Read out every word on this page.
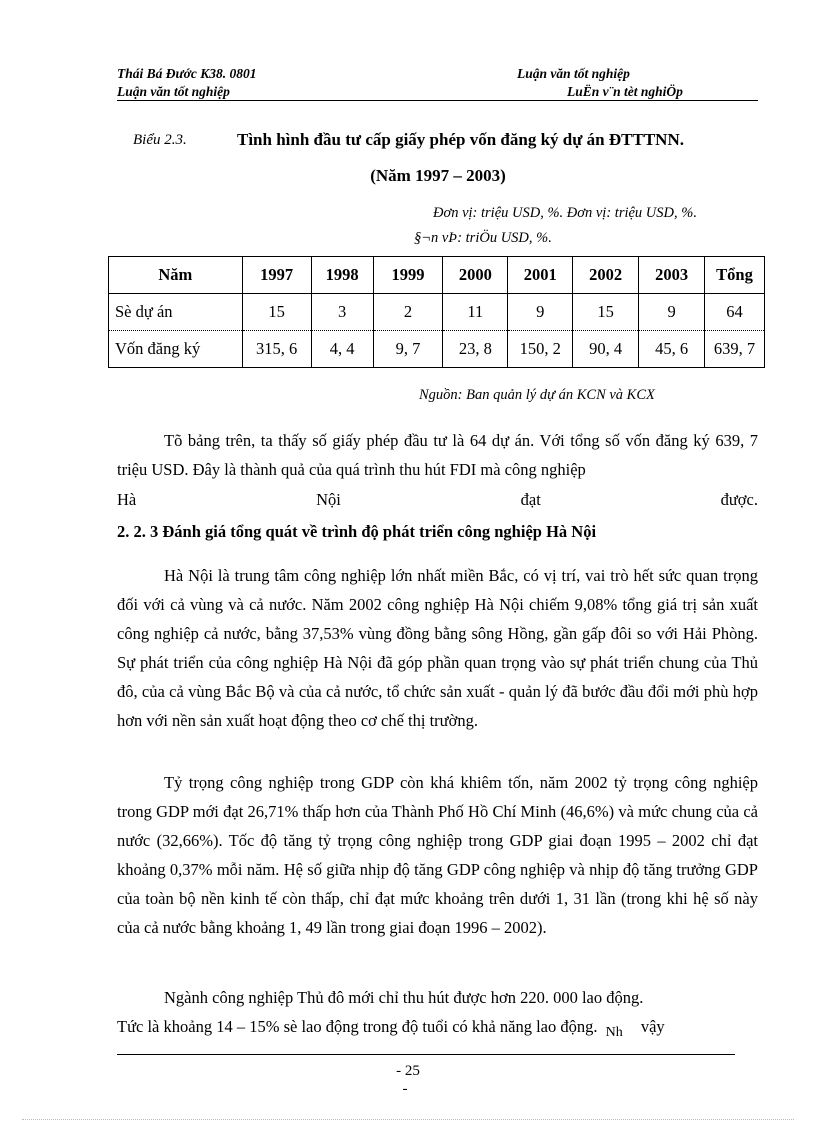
Thái Bá Đước K38. 0801	Luận văn tốt nghiệp
Luận văn tốt nghiệp	LuËn v¨n tèt nghiÖp
Biểu 2.3.	Tình hình đầu tư cấp giấy phép vốn đăng ký dự án ĐTTTNN.
(Năm 1997 – 2003)
Đơn vị: triệu USD, %. Đơn vị: triệu USD, %.
§¬n vÞ: triÖu USD, %.
Năm	1997	1998	1999	2000	2001	2002	2003	Tổng
Sè dự án	15	3	2	11	9	15	9	64
Vốn đăng ký	315, 6	4, 4	9, 7	23, 8	150, 2	90, 4	45, 6	639, 7
Nguồn: Ban quản lý dự án KCN và KCX
Tõ bảng trên, ta thấy số giấy phép đầu tư là 64 dự án. Với tổng số vốn đăng ký 639, 7 triệu USD. Đây là thành quả của quá trình thu hút FDI mà công nghiệp
Hà	Nội	đạt	được.
2. 2. 3 Đánh giá tổng quát về trình độ phát triển công nghiệp Hà Nội
Hà Nội là trung tâm công nghiệp lớn nhất miền Bắc, có vị trí, vai trò hết sức quan trọng đối với cả vùng và cả nước. Năm 2002 công nghiệp Hà Nội chiếm 9,08% tổng giá trị sản xuất công nghiệp cả nước, bằng 37,53% vùng đồng bằng sông Hồng, gần gấp đôi so với Hải Phòng. Sự phát triển của công nghiệp Hà Nội đã góp phần quan trọng vào sự phát triển chung của Thủ đô, của cả vùng Bắc Bộ và của cả nước, tổ chức sản xuất - quản lý đã bước đầu đổi mới phù hợp hơn với nền sản xuất hoạt động theo cơ chế thị trường.
Tỷ trọng công nghiệp trong GDP còn khá khiêm tốn, năm 2002 tỷ trọng công nghiệp trong GDP mới đạt 26,71% thấp hơn của Thành Phố Hồ Chí Minh (46,6%) và mức chung của cả nước (32,66%). Tốc độ tăng tỷ trọng công nghiệp trong GDP giai đoạn 1995 – 2002 chỉ đạt khoảng 0,37% mỗi năm. Hệ số giữa nhịp độ tăng GDP công nghiệp và nhịp độ tăng trưởng GDP của toàn bộ nền kinh tế còn thấp, chỉ đạt mức khoảng trên dưới 1, 31 lần (trong khi hệ số này của cả nước bằng khoảng 1, 49 lần trong giai đoạn 1996 – 2002).
Ngành công nghiệp Thủ đô mới chỉ thu hút được hơn 220. 000 lao động.
Tức là khoảng 14 – 15% sè lao động trong độ tuổi có khả năng lao động. $_{Nh}$ vậy
- 25
-
